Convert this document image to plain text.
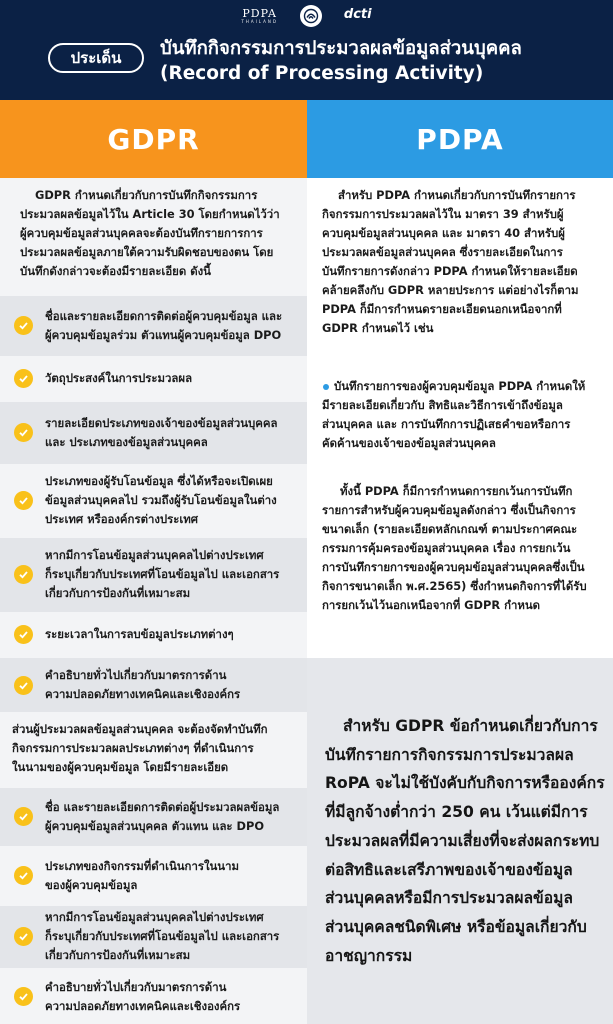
PDPA
THAILAND	dcti

ประเด็น	บันทึกกิจกรรมการประมวลผลข้อมูลส่วนบุคคล
(Record of Processing Activity)
GDPR	PDPA
GDPR กำหนดเกี่ยวกับการบันทึกกิจกรรมการ
ประมวลผลข้อมูลไว้ใน Article 30 โดยกำหนดไว้ว่า
ผู้ควบคุมข้อมูลส่วนบุคคลจะต้องบันทึกรายการการ
ประมวลผลข้อมูลภายใต้ความรับผิดชอบของตน โดย
บันทึกดังกล่าวจะต้องมีรายละเอียด ดังนี้
ชื่อและรายละเอียดการติดต่อผู้ควบคุมข้อมูล และ
ผู้ควบคุมข้อมูลร่วม ตัวแทนผู้ควบคุมข้อมูล DPO
วัตถุประสงค์ในการประมวลผล
รายละเอียดประเภทของเจ้าของข้อมูลส่วนบุคคล
และ ประเภทของข้อมูลส่วนบุคคล
ประเภทของผู้รับโอนข้อมูล ซึ่งได้หรือจะเปิดเผย
ข้อมูลส่วนบุคคลไป รวมถึงผู้รับโอนข้อมูลในต่าง
ประเทศ หรือองค์กรต่างประเทศ
หากมีการโอนข้อมูลส่วนบุคคลไปต่างประเทศ
ก็ระบุเกี่ยวกับประเทศที่โอนข้อมูลไป และเอกสาร
เกี่ยวกับการป้องกันที่เหมาะสม
ระยะเวลาในการลบข้อมูลประเภทต่างๆ
คำอธิบายทั่วไปเกี่ยวกับมาตรการด้าน
ความปลอดภัยทางเทคนิคและเชิงองค์กร
ส่วนผู้ประมวลผลข้อมูลส่วนบุคคล จะต้องจัดทำบันทึก
กิจกรรมการประมวลผลประเภทต่างๆ ที่ดำเนินการ
ในนามของผู้ควบคุมข้อมูล โดยมีรายละเอียด
ชื่อ และรายละเอียดการติดต่อผู้ประมวลผลข้อมูล
ผู้ควบคุมข้อมูลส่วนบุคคล ตัวแทน และ DPO
ประเภทของกิจกรรมที่ดำเนินการในนาม
ของผู้ควบคุมข้อมูล
หากมีการโอนข้อมูลส่วนบุคคลไปต่างประเทศ
ก็ระบุเกี่ยวกับประเทศที่โอนข้อมูลไป และเอกสาร
เกี่ยวกับการป้องกันที่เหมาะสม
คำอธิบายทั่วไปเกี่ยวกับมาตรการด้าน
ความปลอดภัยทางเทคนิคและเชิงองค์กร
สำหรับ PDPA กำหนดเกี่ยวกับการบันทึกรายการ
กิจกรรมการประมวลผลไว้ใน มาตรา 39 สำหรับผู้
ควบคุมข้อมูลส่วนบุคคล และ มาตรา 40 สำหรับผู้
ประมวลผลข้อมูลส่วนบุคคล ซึ่งรายละเอียดในการ
บันทึกรายการดังกล่าว PDPA กำหนดให้รายละเอียด
คล้ายคลึงกับ GDPR หลายประการ แต่อย่างไรก็ตาม
PDPA ก็มีการกำหนดรายละเอียดนอกเหนือจากที่
GDPR กำหนดไว้ เช่น
บันทึกรายการของผู้ควบคุมข้อมูล PDPA กำหนดให้
มีรายละเอียดเกี่ยวกับ สิทธิและวิธีการเข้าถึงข้อมูล
ส่วนบุคคล และ การบันทึกการปฏิเสธคำขอหรือการ
คัดค้านของเจ้าของข้อมูลส่วนบุคคล
ทั้งนี้ PDPA ก็มีการกำหนดการยกเว้นการบันทึก
รายการสำหรับผู้ควบคุมข้อมูลดังกล่าว ซึ่งเป็นกิจการ
ขนาดเล็ก (รายละเอียดหลักเกณฑ์ ตามประกาศคณะ
กรรมการคุ้มครองข้อมูลส่วนบุคคล เรื่อง การยกเว้น
การบันทึกรายการของผู้ควบคุมข้อมูลส่วนบุคคลซึ่งเป็น
กิจการขนาดเล็ก พ.ศ.2565) ซึ่งกำหนดกิจการที่ได้รับ
การยกเว้นไว้นอกเหนือจากที่ GDPR กำหนด
สำหรับ GDPR ข้อกำหนดเกี่ยวกับการ
บันทึกรายการกิจกรรมการประมวลผล
RoPA จะไม่ใช้บังคับกับกิจการหรือองค์กร
ที่มีลูกจ้างต่ำกว่า 250 คน เว้นแต่มีการ
ประมวลผลที่มีความเสี่ยงที่จะส่งผลกระทบ
ต่อสิทธิและเสรีภาพของเจ้าของข้อมูล
ส่วนบุคคลหรือมีการประมวลผลข้อมูล
ส่วนบุคคลชนิดพิเศษ หรือข้อมูลเกี่ยวกับ
อาชญากรรม
